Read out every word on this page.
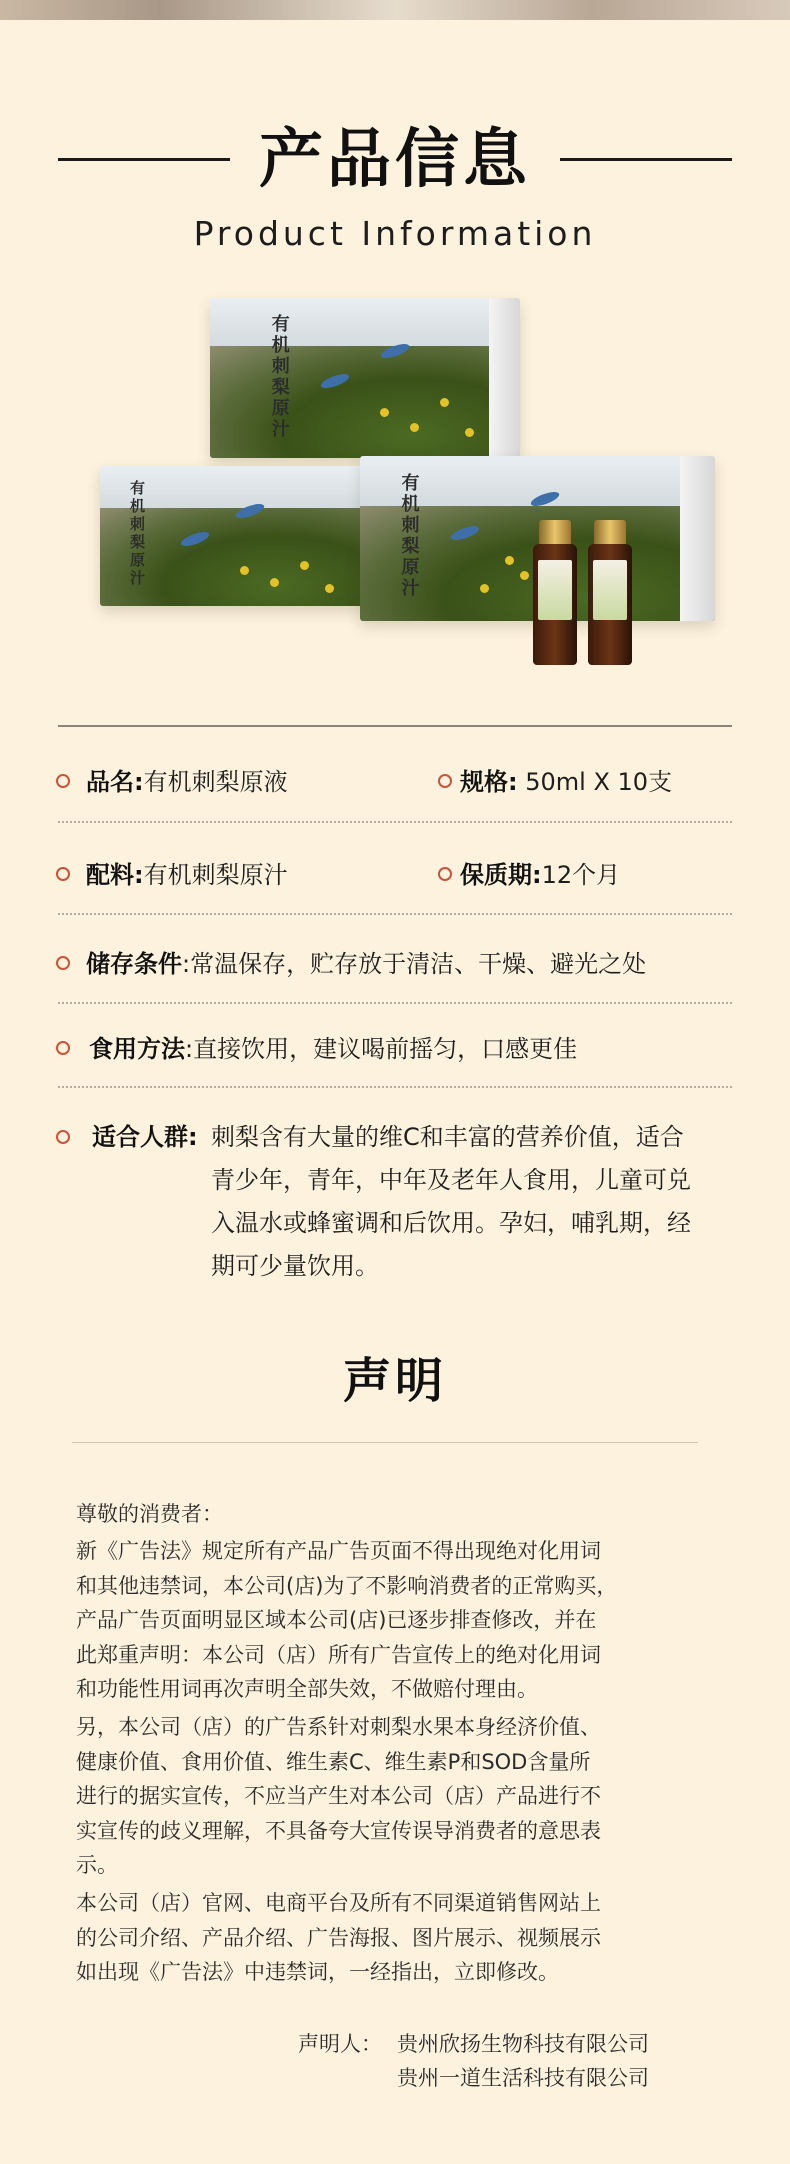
产品信息
Product Information
有机刺梨原汁
有机刺梨原汁	有机刺梨原汁
品名:有机刺梨原液	规格: 50ml X 10支
配料:有机刺梨原汁	保质期:12个月
储存条件:常温保存，贮存放于清洁、干燥、避光之处
食用方法:直接饮用，建议喝前摇匀，口感更佳
适合人群: 刺梨含有大量的维C和丰富的营养价值，适合
青少年，青年，中年及老年人食用，儿童可兑
入温水或蜂蜜调和后饮用。孕妇，哺乳期，经
期可少量饮用。
声明
尊敬的消费者：
新《广告法》规定所有产品广告页面不得出现绝对化用词
和其他违禁词，本公司(店)为了不影响消费者的正常购买，
产品广告页面明显区域本公司(店)已逐步排查修改，并在
此郑重声明：本公司（店）所有广告宣传上的绝对化用词
和功能性用词再次声明全部失效，不做赔付理由。
另，本公司（店）的广告系针对刺梨水果本身经济价值、
健康价值、食用价值、维生素C、维生素P和SOD含量所
进行的据实宣传，不应当产生对本公司（店）产品进行不
实宣传的歧义理解，不具备夸大宣传误导消费者的意思表
示。
本公司（店）官网、电商平台及所有不同渠道销售网站上
的公司介绍、产品介绍、广告海报、图片展示、视频展示
如出现《广告法》中违禁词，一经指出，立即修改。
声明人： 贵州欣扬生物科技有限公司
贵州一道生活科技有限公司
